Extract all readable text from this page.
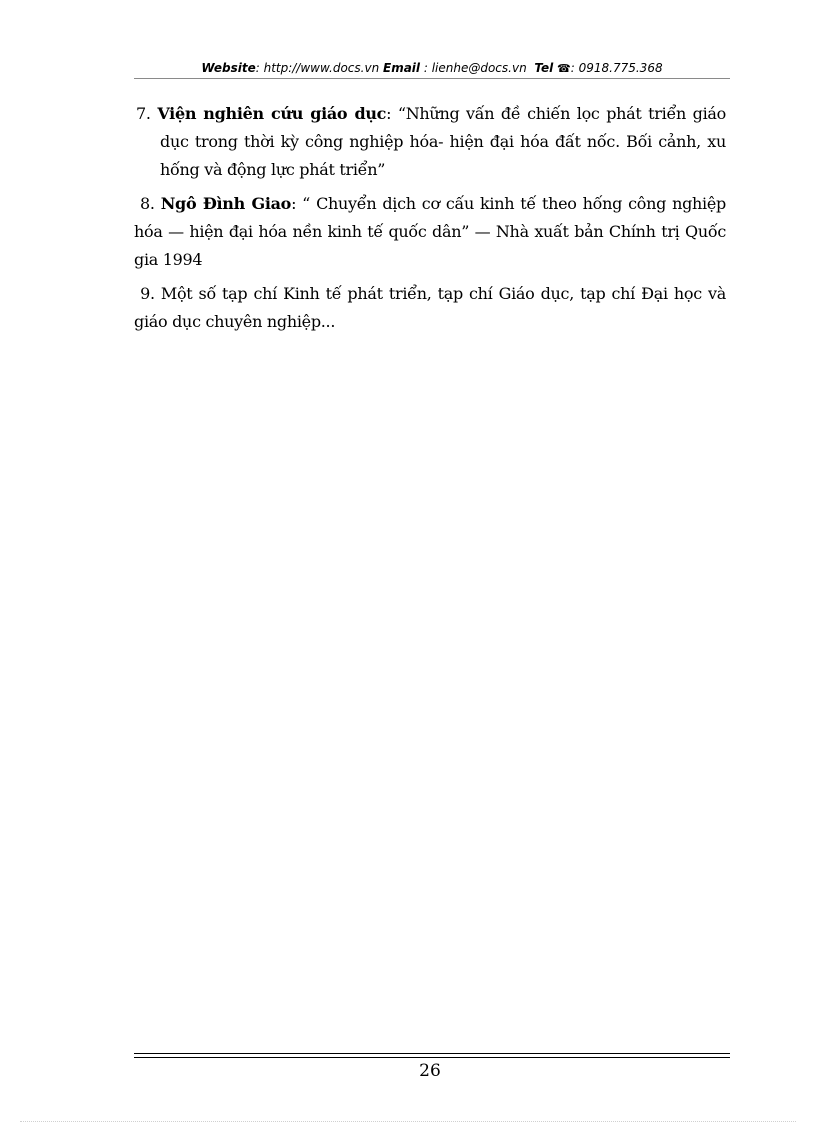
Website: http://www.docs.vn Email : lienhe@docs.vn  Tel ☎: 0918.775.368

7. Viện nghiên cứu giáo dục: “Những vấn đề chiến lọc phát triển giáo dục trong thời kỳ công nghiệp hóa- hiện đại hóa đất nốc. Bối cảnh, xu hống và động lực phát triển”

8. Ngô Đình Giao: “ Chuyển dịch cơ cấu kinh tế theo hống công nghiệp hóa — hiện đại hóa nền kinh tế quốc dân” — Nhà xuất bản Chính trị Quốc gia 1994

9. Một số tạp chí Kinh tế phát triển, tạp chí Giáo dục, tạp chí Đại học và giáo dục chuyên nghiệp...

26
